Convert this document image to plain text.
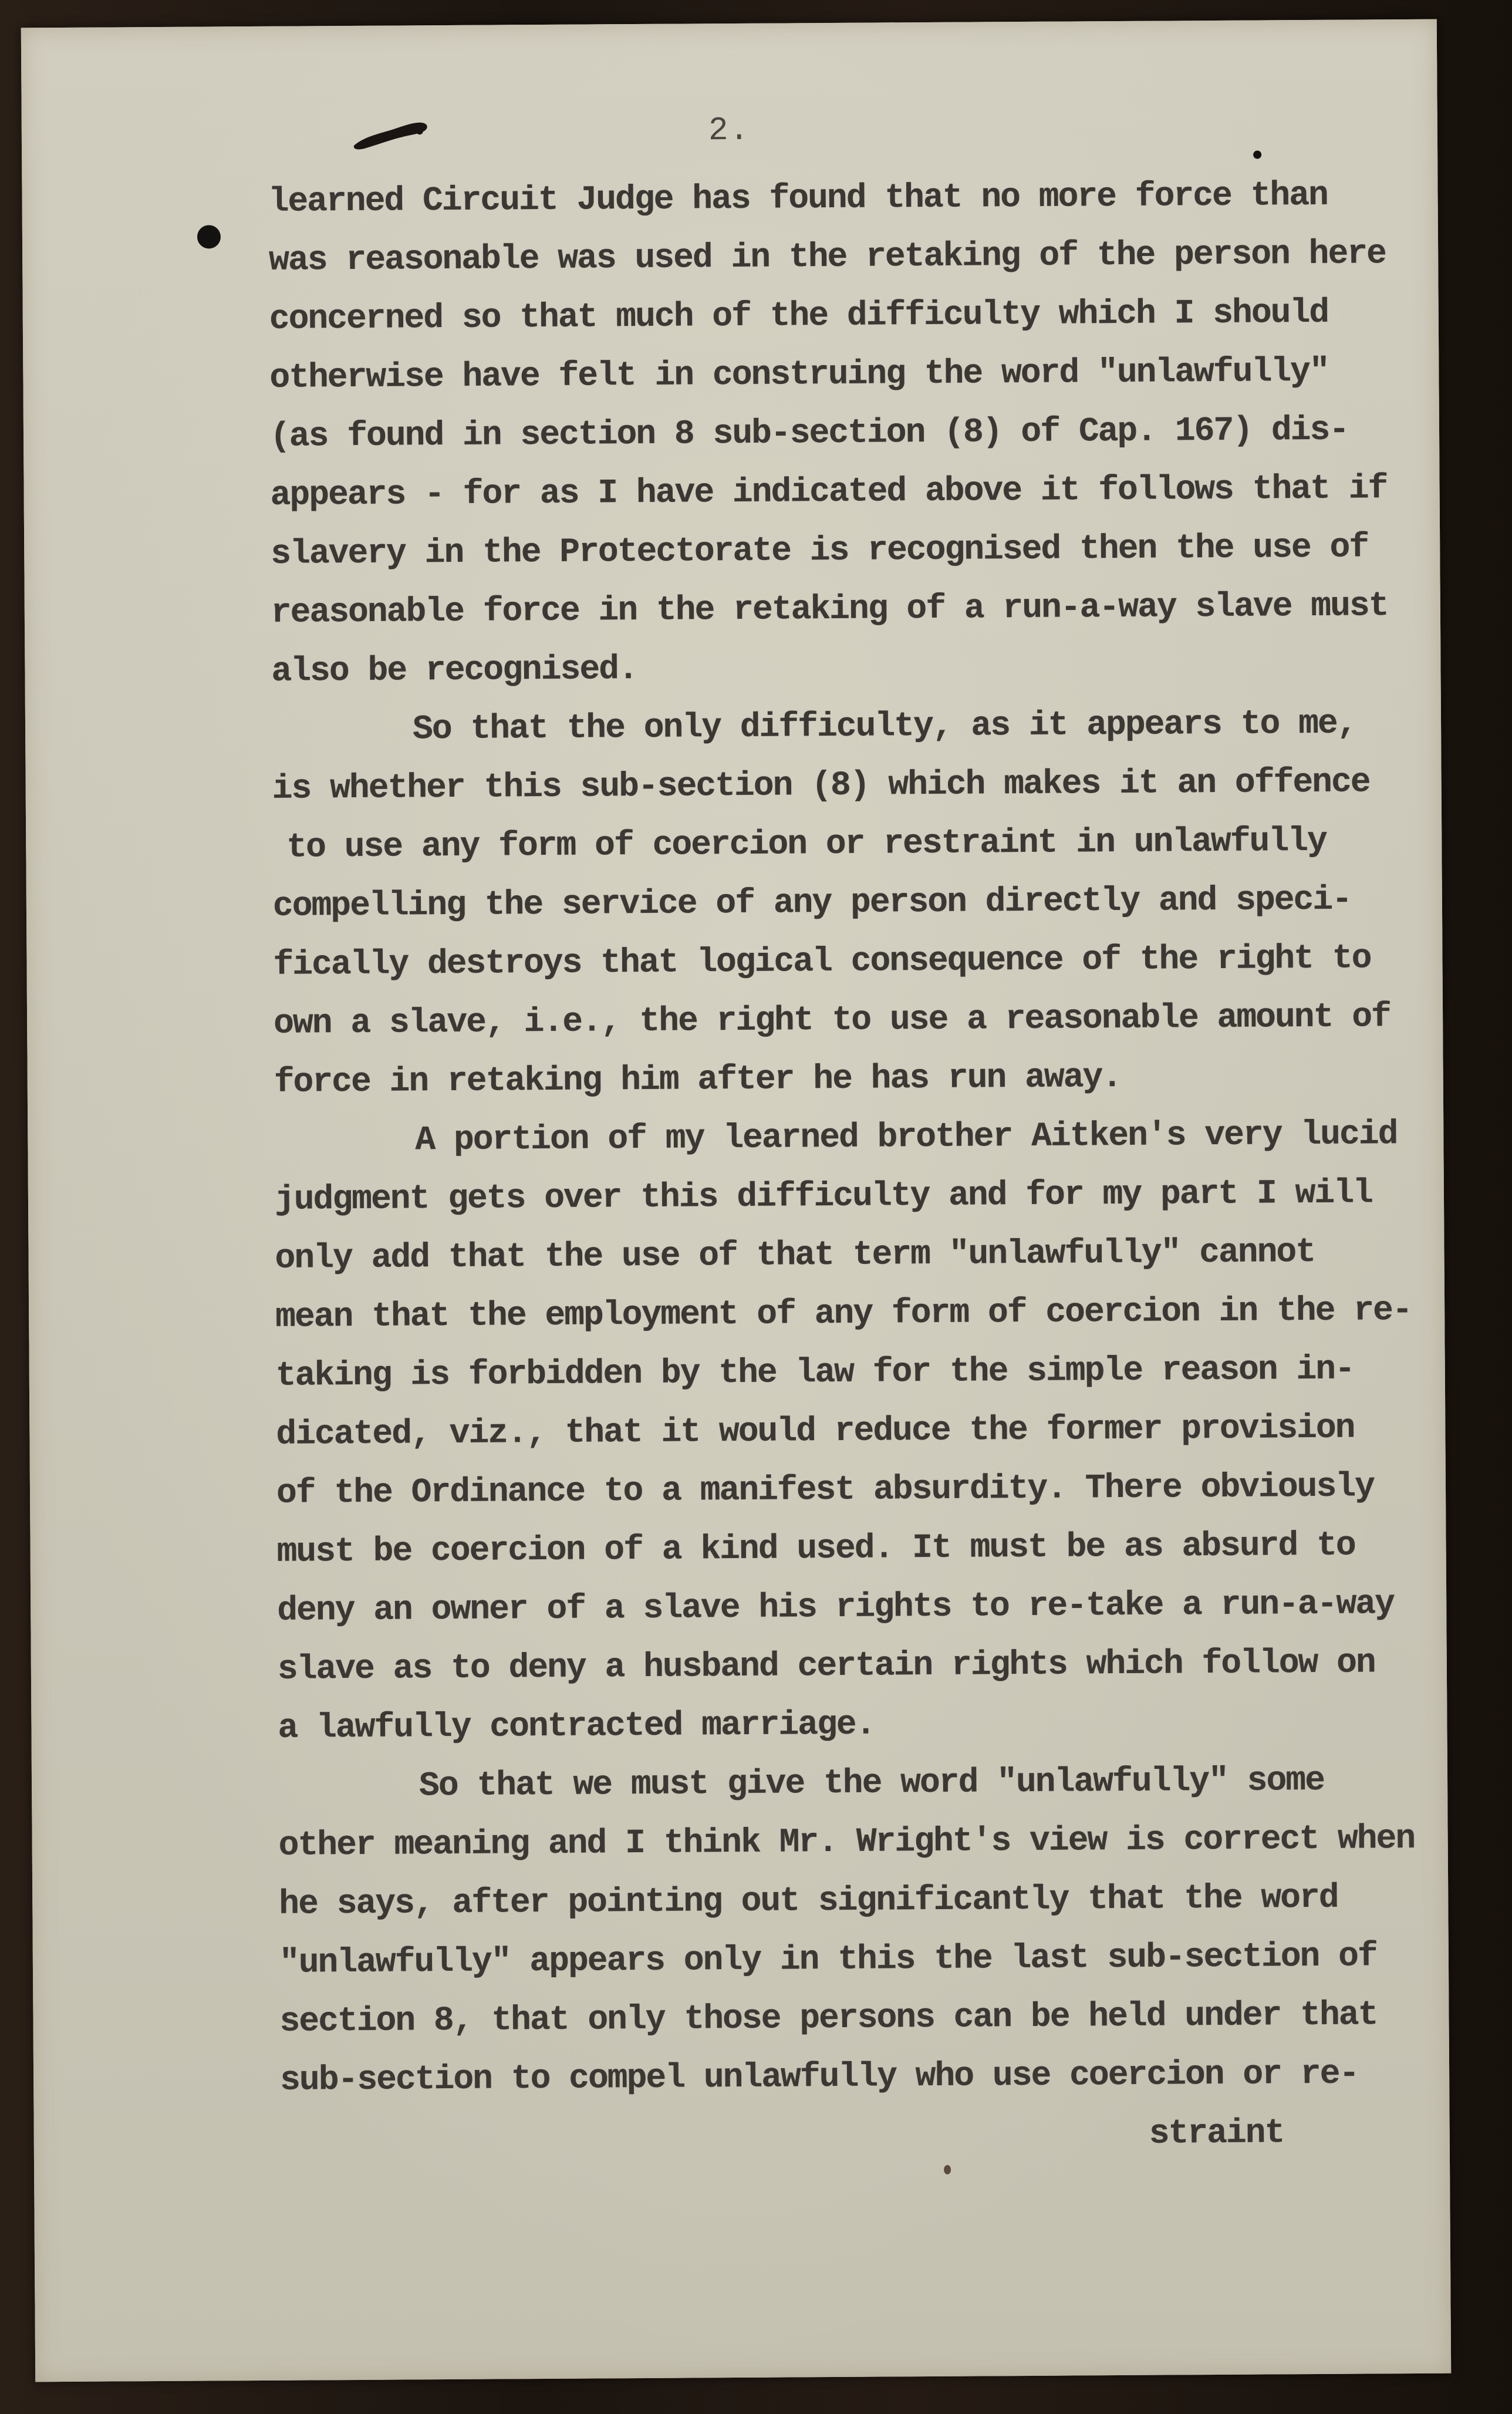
2.
learned Circuit Judge has found that no more force than
was reasonable was used in the retaking of the person here
concerned so that much of the difficulty which I should
otherwise have felt in construing the word "unlawfully"
(as found in section 8 sub-section (8) of Cap. 167) dis-
appears - for as I have indicated above it follows that if
slavery in the Protectorate is recognised then the use of
reasonable force in the retaking of a run-a-way slave must
also be recognised.
So that the only difficulty, as it appears to me,
is whether this sub-section (8) which makes it an offence
to use any form of coercion or restraint in unlawfully
compelling the service of any person directly and speci-
fically destroys that logical consequence of the right to
own a slave, i.e., the right to use a reasonable amount of
force in retaking him after he has run away.
A portion of my learned brother Aitken's very lucid
judgment gets over this difficulty and for my part I will
only add that the use of that term "unlawfully" cannot
mean that the employment of any form of coercion in the re-
taking is forbidden by the law for the simple reason in-
dicated, viz., that it would reduce the former provision
of the Ordinance to a manifest absurdity. There obviously
must be coercion of a kind used. It must be as absurd to
deny an owner of a slave his rights to re-take a run-a-way
slave as to deny a husband certain rights which follow on
a lawfully contracted marriage.
So that we must give the word "unlawfully" some
other meaning and I think Mr. Wright's view is correct when
he says, after pointing out significantly that the word
"unlawfully" appears only in this the last sub-section of
section 8, that only those persons can be held under that
sub-section to compel unlawfully who use coercion or re-
straint
